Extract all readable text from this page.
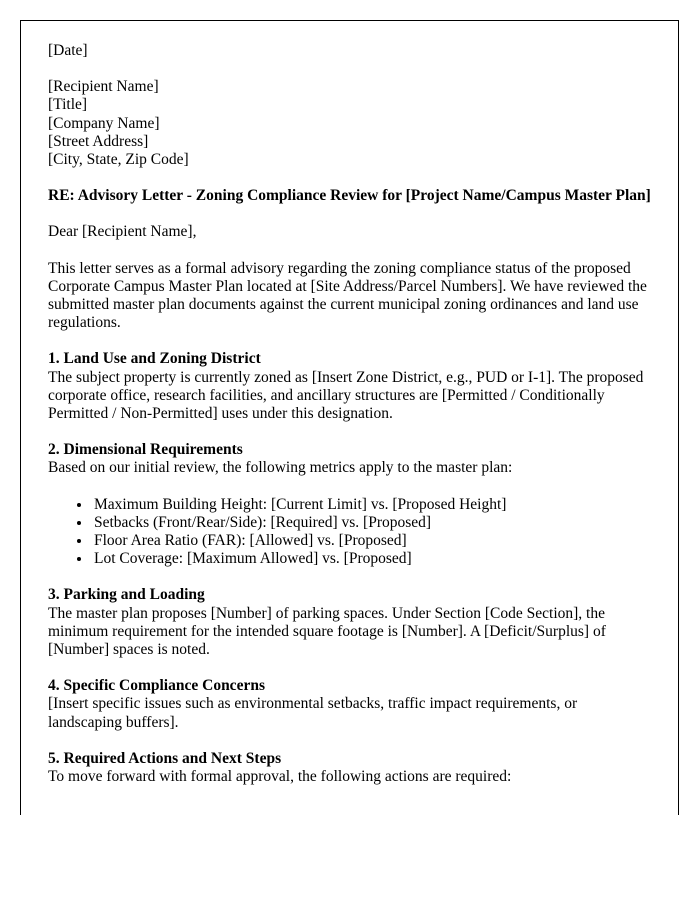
[Date]

[Recipient Name]

[Title]

[Company Name]

[Street Address]

[City, State, Zip Code]

RE: Advisory Letter - Zoning Compliance Review for [Project Name/Campus Master Plan]

Dear [Recipient Name],

This letter serves as a formal advisory regarding the zoning compliance status of the proposed Corporate Campus Master Plan located at [Site Address/Parcel Numbers]. We have reviewed the submitted master plan documents against the current municipal zoning ordinances and land use regulations.

1. Land Use and Zoning District

The subject property is currently zoned as [Insert Zone District, e.g., PUD or I-1]. The proposed corporate office, research facilities, and ancillary structures are [Permitted / Conditionally Permitted / Non-Permitted] uses under this designation.

2. Dimensional Requirements

Based on our initial review, the following metrics apply to the master plan:

• Maximum Building Height: [Current Limit] vs. [Proposed Height]
• Setbacks (Front/Rear/Side): [Required] vs. [Proposed]
• Floor Area Ratio (FAR): [Allowed] vs. [Proposed]
• Lot Coverage: [Maximum Allowed] vs. [Proposed]

3. Parking and Loading

The master plan proposes [Number] of parking spaces. Under Section [Code Section], the minimum requirement for the intended square footage is [Number]. A [Deficit/Surplus] of [Number] spaces is noted.

4. Specific Compliance Concerns

[Insert specific issues such as environmental setbacks, traffic impact requirements, or landscaping buffers].

5. Required Actions and Next Steps

To move forward with formal approval, the following actions are required:
